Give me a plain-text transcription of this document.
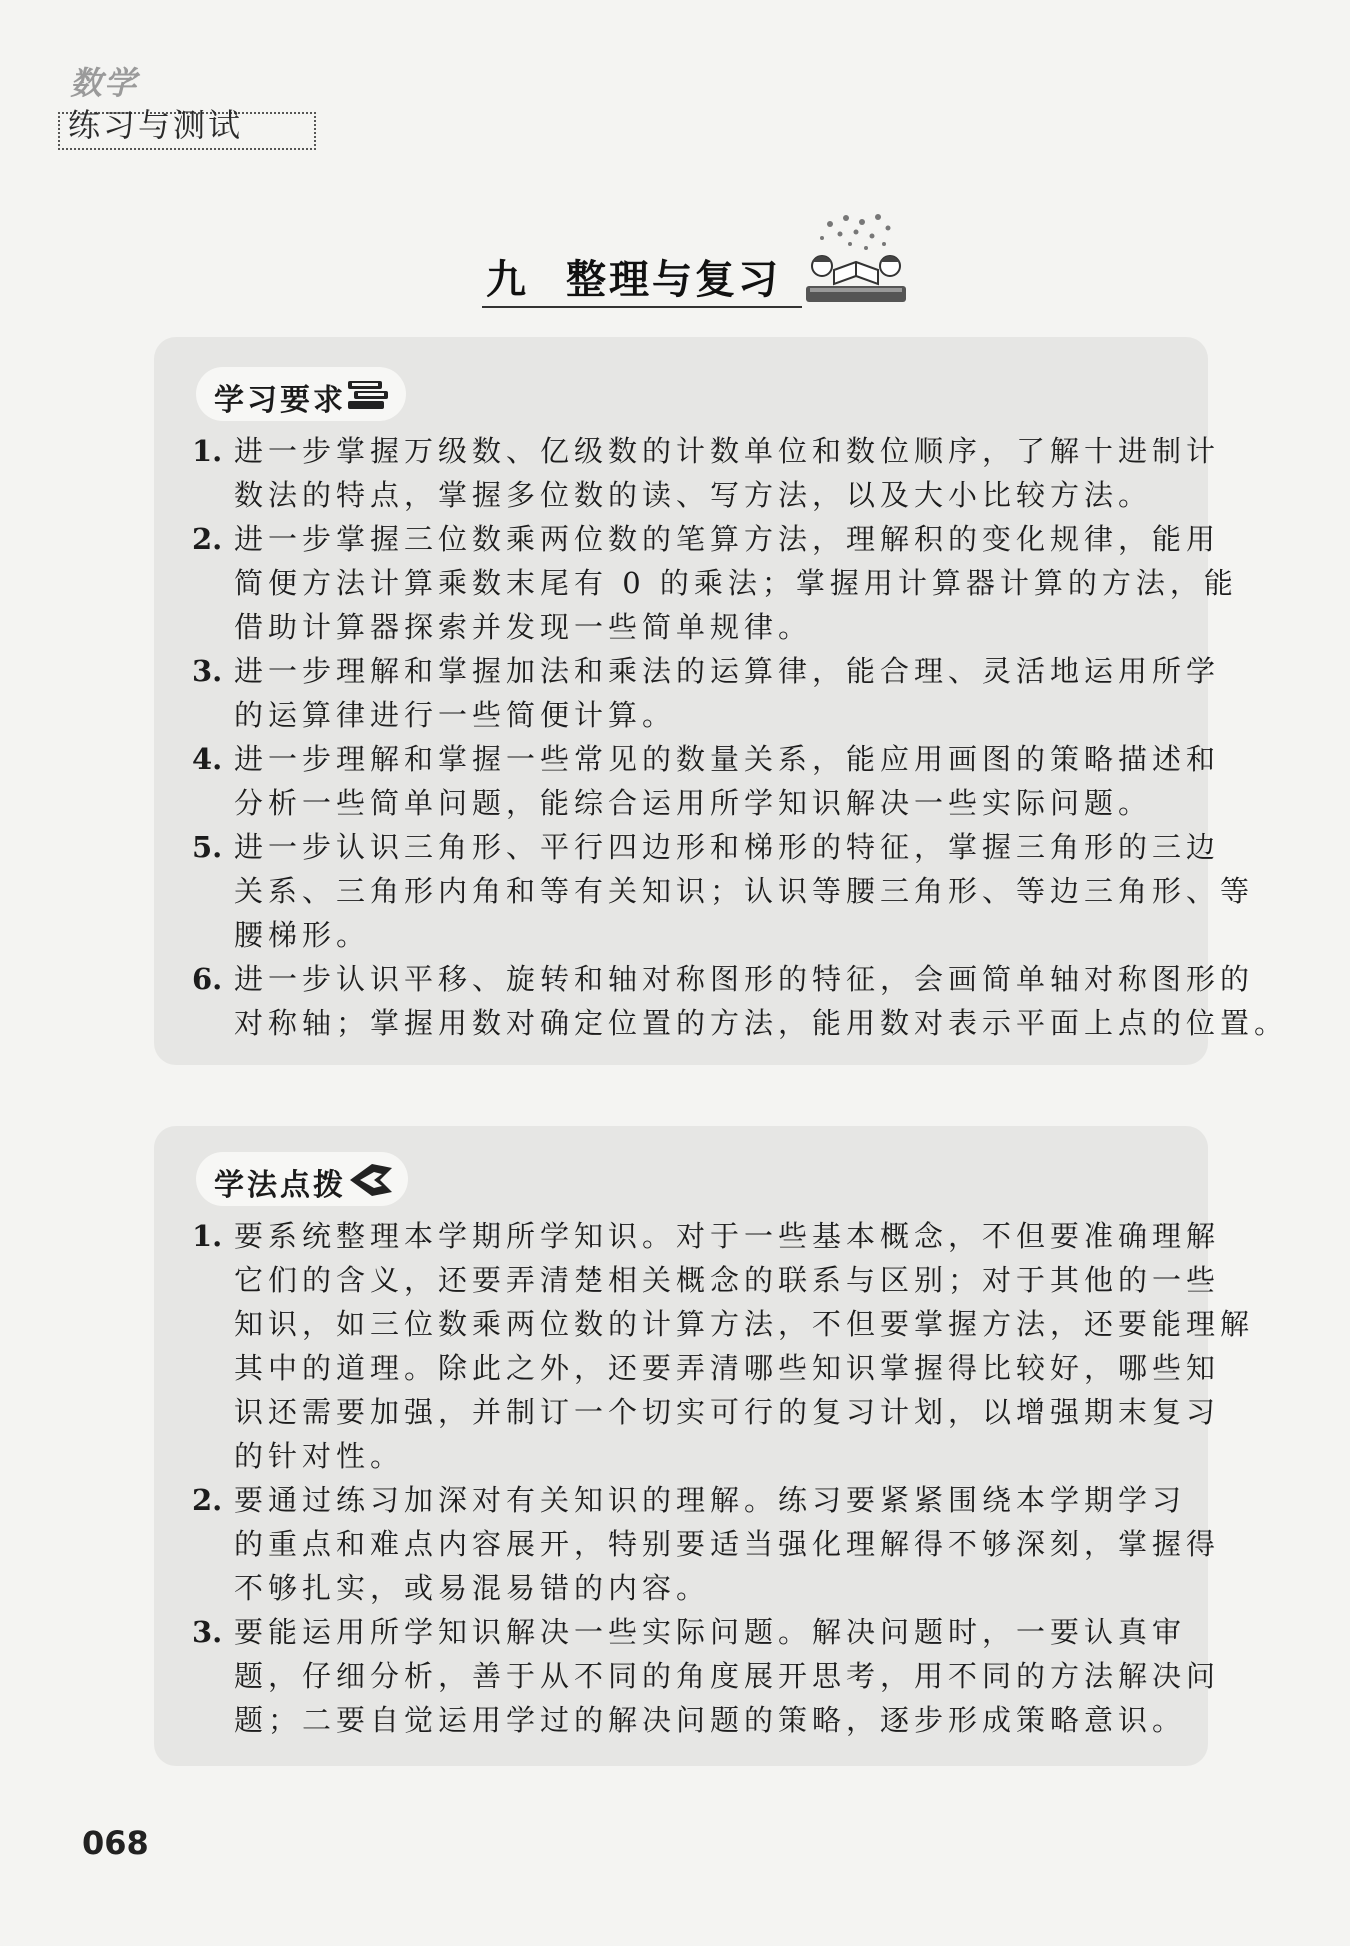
数学
练习与测试
九 整理与复习
学习要求
1. 进一步掌握万级数、亿级数的计数单位和数位顺序，了解十进制计
数法的特点，掌握多位数的读、写方法，以及大小比较方法。
2. 进一步掌握三位数乘两位数的笔算方法，理解积的变化规律，能用
简便方法计算乘数末尾有 0 的乘法；掌握用计算器计算的方法，能
借助计算器探索并发现一些简单规律。
3. 进一步理解和掌握加法和乘法的运算律，能合理、灵活地运用所学
的运算律进行一些简便计算。
4. 进一步理解和掌握一些常见的数量关系，能应用画图的策略描述和
分析一些简单问题，能综合运用所学知识解决一些实际问题。
5. 进一步认识三角形、平行四边形和梯形的特征，掌握三角形的三边
关系、三角形内角和等有关知识；认识等腰三角形、等边三角形、等
腰梯形。
6. 进一步认识平移、旋转和轴对称图形的特征，会画简单轴对称图形的
对称轴；掌握用数对确定位置的方法，能用数对表示平面上点的位置。
学法点拨
1. 要系统整理本学期所学知识。对于一些基本概念，不但要准确理解
它们的含义，还要弄清楚相关概念的联系与区别；对于其他的一些
知识，如三位数乘两位数的计算方法，不但要掌握方法，还要能理解
其中的道理。除此之外，还要弄清哪些知识掌握得比较好，哪些知
识还需要加强，并制订一个切实可行的复习计划，以增强期末复习
的针对性。
2. 要通过练习加深对有关知识的理解。练习要紧紧围绕本学期学习
的重点和难点内容展开，特别要适当强化理解得不够深刻，掌握得
不够扎实，或易混易错的内容。
3. 要能运用所学知识解决一些实际问题。解决问题时，一要认真审
题，仔细分析，善于从不同的角度展开思考，用不同的方法解决问
题；二要自觉运用学过的解决问题的策略，逐步形成策略意识。
068
